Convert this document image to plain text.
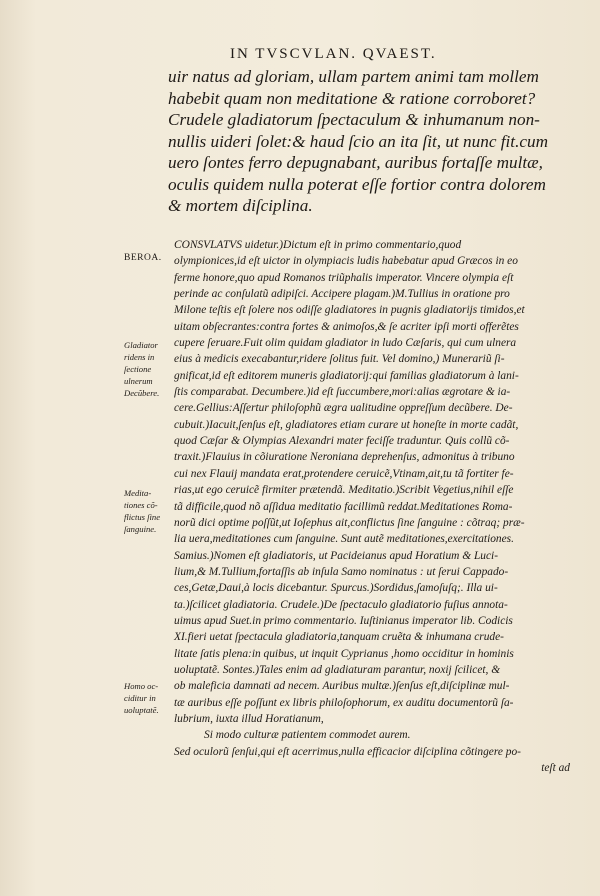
IN TVSCVLAN. QVAEST.
uir natus ad gloriam, ullam partem animi tam mollem
habebit quam non meditatione & ratione corroboret?
Crudele gladiatorum ſpectaculum & inhumanum non-
nullis uideri ſolet:& haud ſcio an ita ſit, ut nunc fit.cum
uero ſontes ferro depugnabant, auribus fortaſſe multæ,
oculis quidem nulla poterat eſſe fortior contra dolorem
& mortem diſciplina.
CONSVLATVS uidetur.)Dictum eſt in primo commentario,quod
olympionices,id eſt uictor in olympiacis ludis habebatur apud Græcos in eo
ferme honore,quo apud Romanos triũphalis imperator. Vincere olympia eſt
perinde ac conſulatũ adipiſci. Accipere plagam.)M.Tullius in oratione pro
Milone teſtis eſt ſolere nos odiſſe gladiatores in pugnis gladiatorijs timidos,et
uitam obſecrantes:contra fortes & animoſos,& ſe acriter ipſi morti offerẽtes
cupere ſeruare.Fuit olim quidam gladiator in ludo Cæſaris, qui cum ulnera
eius à medicis execabantur,ridere ſolitus fuit. Vel domino,) Munerariũ ſi-
gnificat,id eſt editorem muneris gladiatorij:qui familias gladiatorum à lani-
ſtis comparabat. Decumbere.)id eſt ſuccumbere,mori:alias ægrotare & ia-
cere.Gellius:Aſſertur philoſophũ ægra ualitudine oppreſſum decũbere. De-
cubuit.)Iacuit,ſenſus eſt, gladiatores etiam curare ut honeſte in morte cadãt,
quod Cæſar & Olympias Alexandri mater feciſſe traduntur. Quis collũ cõ-
traxit.)Flauius in cõiuratione Neroniana deprehenſus, admonitus à tribuno
cui nex Flauij mandata erat,protendere ceruicẽ,Vtinam,ait,tu tã fortiter fe-
rias,ut ego ceruicẽ firmiter prætendã. Meditatio.)Scribit Vegetius,nihil eſſe
tã difficile,quod nõ aſſidua meditatio facillimũ reddat.Meditationes Roma-
norũ dici optime poſſũt,ut Ioſephus ait,conflictus ſine ſanguine : cõtraq; præ-
lia uera,meditationes cum ſanguine. Sunt autẽ meditationes,exercitationes.
Samius.)Nomen eſt gladiatoris, ut Pacideianus apud Horatium & Luci-
lium,& M.Tullium,fortaſſis ab inſula Samo nominatus : ut ſerui Cappado-
ces,Getæ,Daui,à locis dicebantur. Spurcus.)Sordidus,ſamoſuſq;. Illa ui-
ta.)ſcilicet gladiatoria. Crudele.)De ſpectaculo gladiatorio fuſius annota-
uimus apud Suet.in primo commentario. Iuſtinianus imperator lib. Codicis
XI.fieri uetat ſpectacula gladiatoria,tanquam cruẽta & inhumana crude-
litate ſatis plena:in quibus, ut inquit Cyprianus ,homo occiditur in hominis
uoluptatẽ. Sontes.)Tales enim ad gladiaturam parantur, noxij ſcilicet, &
ob maleficia damnati ad necem. Auribus multæ.)ſenſus eſt,diſciplinæ mul-
tæ auribus eſſe poſſunt ex libris philoſophorum, ex auditu documentorũ ſa-
lubrium, iuxta illud Horatianum,
Si modo culturæ patientem commodet aurem.
Sed oculorũ ſenſui,qui eſt acerrimus,nulla efficacior diſciplina cõtingere po-
teſt ad
BEROA.
Gladiator
ridens in
ſectione
ulnerum
Decũbere.
Medita-
tiones cõ-
flictus ſine
ſanguine.
Homo oc-
ciditur in
uoluptatẽ.
